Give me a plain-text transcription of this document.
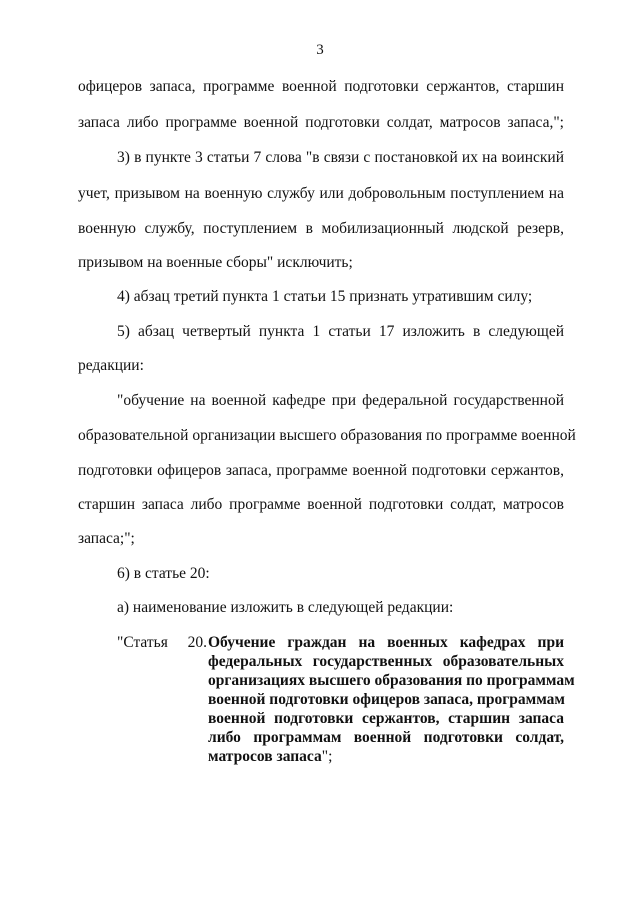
3

офицеров запаса, программе военной подготовки сержантов, старшин

запаса либо программе военной подготовки солдат, матросов запаса,";

3) в пункте 3 статьи 7 слова "в связи с постановкой их на воинский

учет, призывом на военную службу или добровольным поступлением на

военную службу, поступлением в мобилизационный людской резерв,

призывом на военные сборы" исключить;

4) абзац третий пункта 1 статьи 15 признать утратившим силу;

5) абзац четвертый пункта 1 статьи 17 изложить в следующей

редакции:

"обучение на военной кафедре при федеральной государственной

образовательной организации высшего образования по программе военной

подготовки офицеров запаса, программе военной подготовки сержантов,

старшин запаса либо программе военной подготовки солдат, матросов

запаса;";

6) в статье 20:

а) наименование изложить в следующей редакции:

"Статья 20. Обучение граждан на военных кафедрах при

федеральных государственных образовательных

организациях высшего образования по программам

военной подготовки офицеров запаса, программам

военной подготовки сержантов, старшин запаса

либо программам военной подготовки солдат,

матросов запаса";
